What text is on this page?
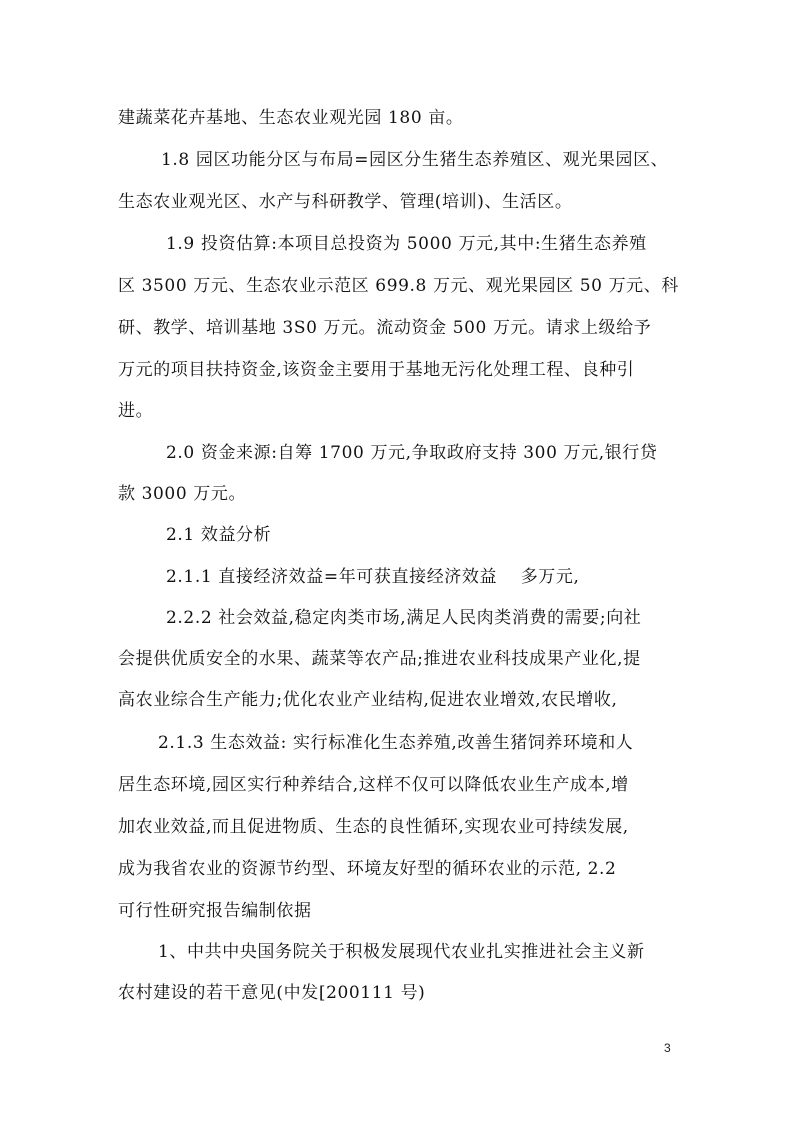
建蔬菜花卉基地、生态农业观光园 180 亩。
1.8 园区功能分区与布局=园区分生猪生态养殖区、观光果园区、
生态农业观光区、水产与科研教学、管理(培训)、生活区。
1.9 投资估算:本项目总投资为 5000 万元,其中:生猪生态养殖
区 3500 万元、生态农业示范区 699.8 万元、观光果园区 50 万元、科
研、教学、培训基地 3S0 万元。流动资金 500 万元。请求上级给予
万元的项目扶持资金,该资金主要用于基地无污化处理工程、良种引
进。
2.0 资金来源:自筹 1700 万元,争取政府支持 300 万元,银行贷
款 3000 万元。
2.1 效益分析
2.1.1 直接经济效益=年可获直接经济效益　 多万元,
2.2.2 社会效益,稳定肉类市场,满足人民肉类消费的需要;向社
会提供优质安全的水果、蔬菜等农产品;推进农业科技成果产业化,提
高农业综合生产能力;优化农业产业结构,促进农业增效,农民增收,
2.1.3 生态效益: 实行标准化生态养殖,改善生猪饲养环境和人
居生态环境,园区实行种养结合,这样不仅可以降低农业生产成本,增
加农业效益,而且促进物质、生态的良性循环,实现农业可持续发展,
成为我省农业的资源节约型、环境友好型的循环农业的示范, 2.2
可行性研究报告编制依据
1、中共中央国务院关于积极发展现代农业扎实推进社会主义新
农村建设的若干意见(中发[200111 号)
3
